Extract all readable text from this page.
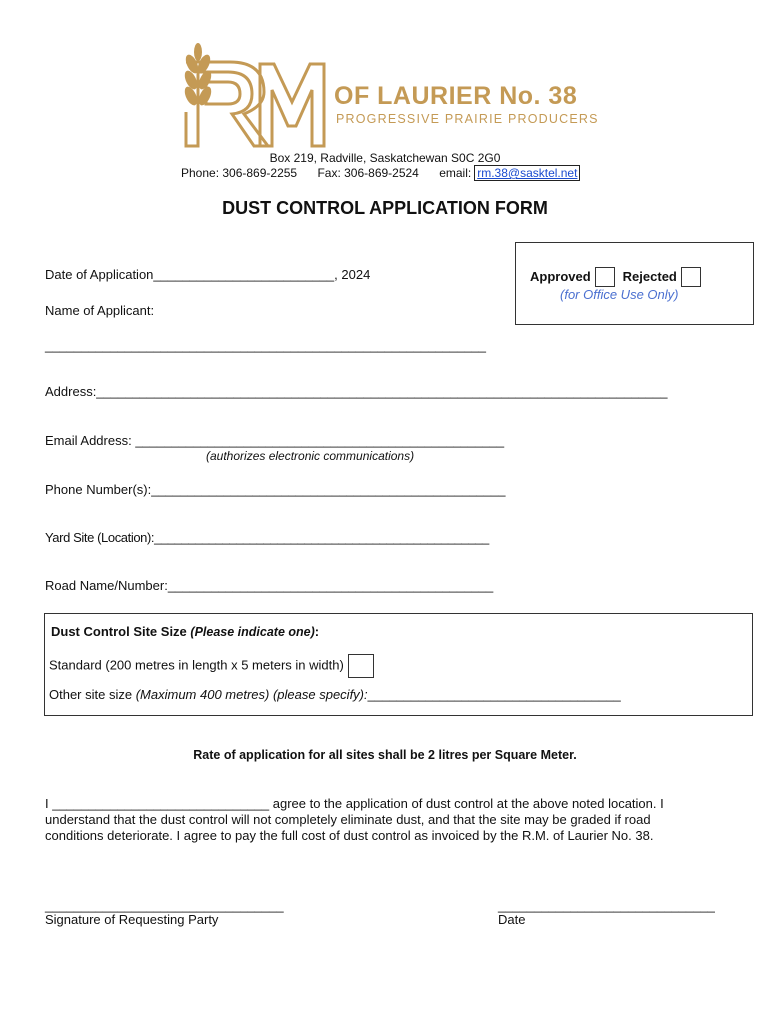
OF LAURIER No. 38
PROGRESSIVE PRAIRIE PRODUCERS
Box 219, Radville, Saskatchewan S0C 2G0
Phone: 306-869-2255 Fax: 306-869-2524 email: rm.38@sasktel.net
DUST CONTROL APPLICATION FORM
Approved Rejected
(for Office Use Only)
Date of Application_________________________, 2024
Name of Applicant:
_____________________________________________________________
Address:_______________________________________________________________________________
Email Address: ___________________________________________________
(authorizes electronic communications)
Phone Number(s):_________________________________________________
Yard Site (Location):_________________________________________________
Road Name/Number:_____________________________________________
Dust Control Site Size (Please indicate one):
Standard (200 metres in length x 5 meters in width)
Other site size (Maximum 400 metres) (please specify):___________________________________
Rate of application for all sites shall be 2 litres per Square Meter.
I ______________________________ agree to the application of dust control at the above noted location. I
understand that the dust control will not completely eliminate dust, and that the site may be graded if road
conditions deteriorate. I agree to pay the full cost of dust control as invoiced by the R.M. of Laurier No. 38.
_________________________________
Signature of Requesting Party
______________________________
Date
